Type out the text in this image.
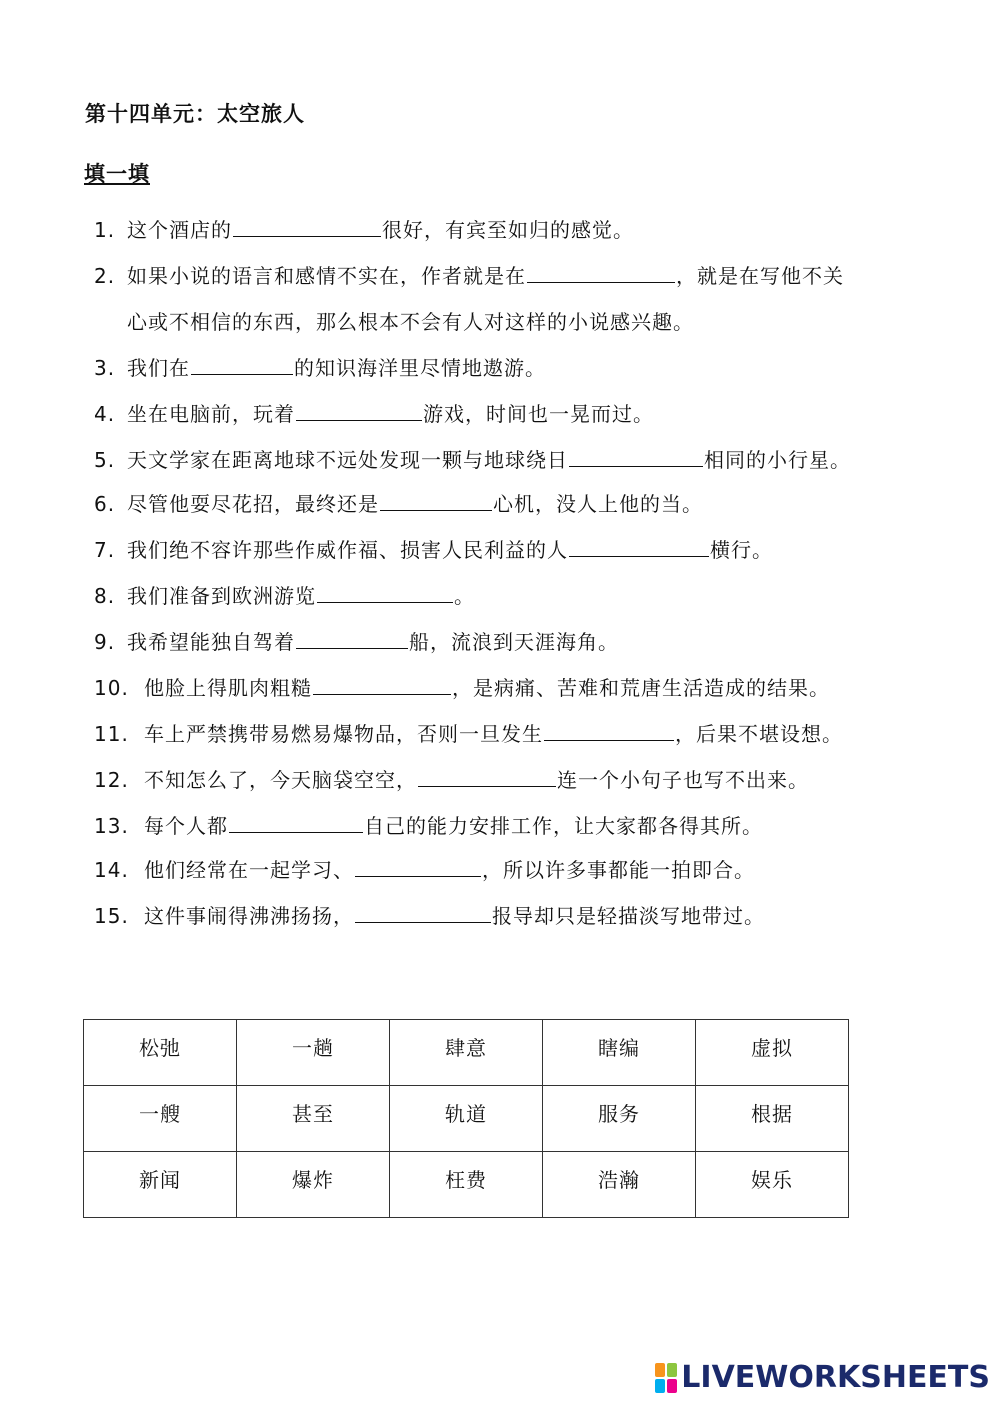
第十四单元：太空旅人
填一填
1. 这个酒店的	很好，有宾至如归的感觉。
2. 如果小说的语言和感情不实在，作者就是在	，就是在写他不关
心或不相信的东西，那么根本不会有人对这样的小说感兴趣。
3. 我们在	的知识海洋里尽情地遨游。
4. 坐在电脑前，玩着	游戏，时间也一晃而过。
5. 天文学家在距离地球不远处发现一颗与地球绕日	相同的小行星。
6. 尽管他耍尽花招，最终还是	心机，没人上他的当。
7. 我们绝不容许那些作威作福、损害人民利益的人	横行。
8. 我们准备到欧洲游览	。
9. 我希望能独自驾着	船，流浪到天涯海角。
10. 他脸上得肌肉粗糙	，是病痛、苦难和荒唐生活造成的结果。
11. 车上严禁携带易燃易爆物品，否则一旦发生	，后果不堪设想。
12. 不知怎么了，今天脑袋空空，	连一个小句子也写不出来。
13. 每个人都	自己的能力安排工作，让大家都各得其所。
14. 他们经常在一起学习、	，所以许多事都能一拍即合。
15. 这件事闹得沸沸扬扬，	报导却只是轻描淡写地带过。
松弛	一趟	肆意	瞎编	虚拟
一艘	甚至	轨道	服务	根据
新闻	爆炸	枉费	浩瀚	娱乐
LIVEWORKSHEETS
